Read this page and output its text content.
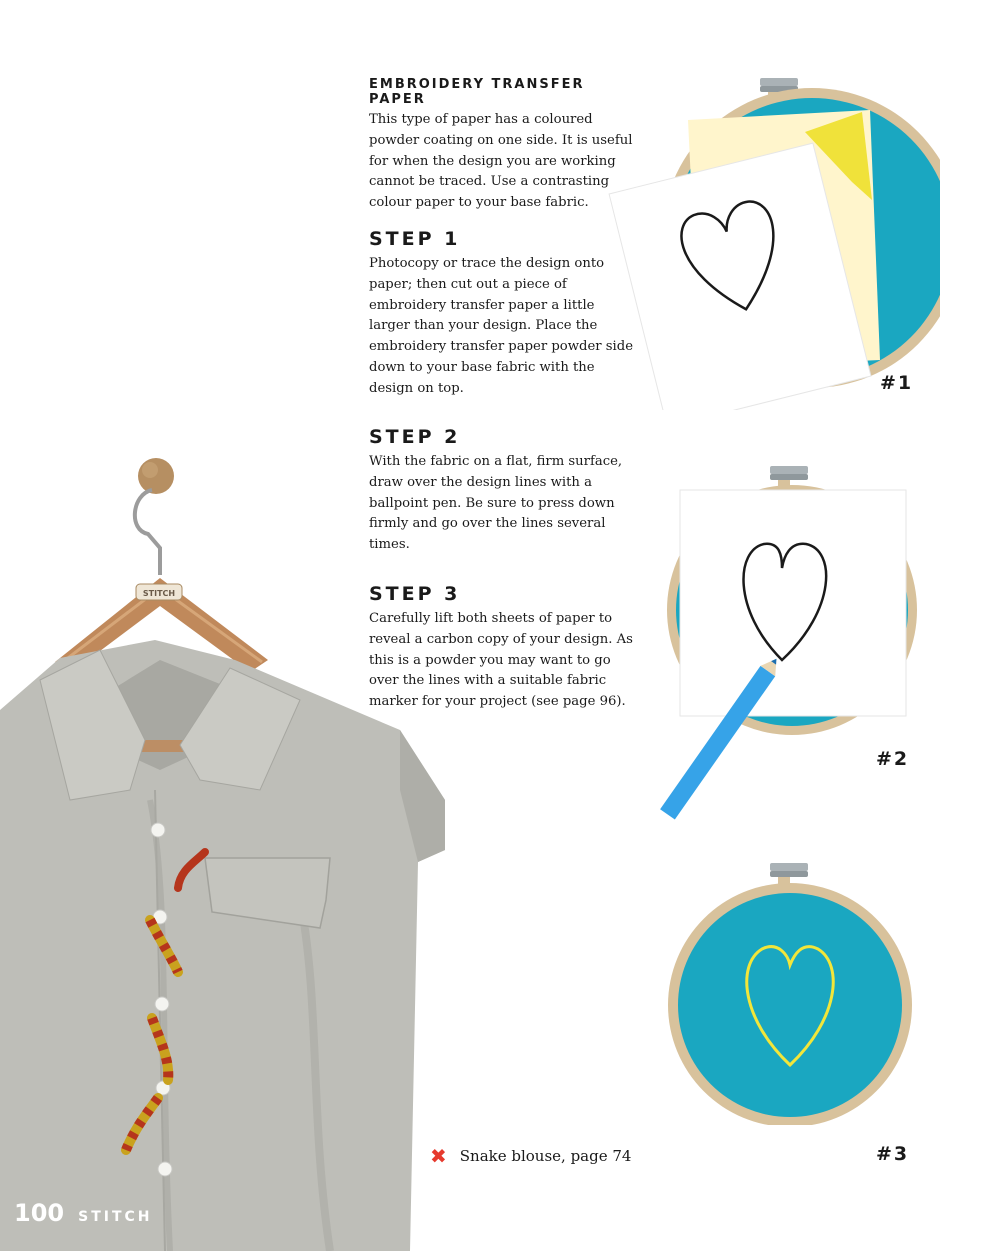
STITCH
EMBROIDERY TRANSFER PAPER

This type of paper has a coloured powder coating on one side. It is useful for when the design you are working cannot be traced. Use a contrasting colour paper to your base fabric.

STEP 1

Photocopy or trace the design onto paper; then cut out a piece of embroidery transfer paper a little larger than your design. Place the embroidery transfer paper powder side down to your base fabric with the design on top.

STEP 2

With the fabric on a flat, firm surface, draw over the design lines with a ballpoint pen. Be sure to press down firmly and go over the lines several times.

STEP 3

Carefully lift both sheets of paper to reveal a carbon copy of your design. As this is a powder you may want to go over the lines with a suitable fabric marker for your project (see page 96).

#1
#2
#3
✖ Snake blouse, page 74
100 STITCH
